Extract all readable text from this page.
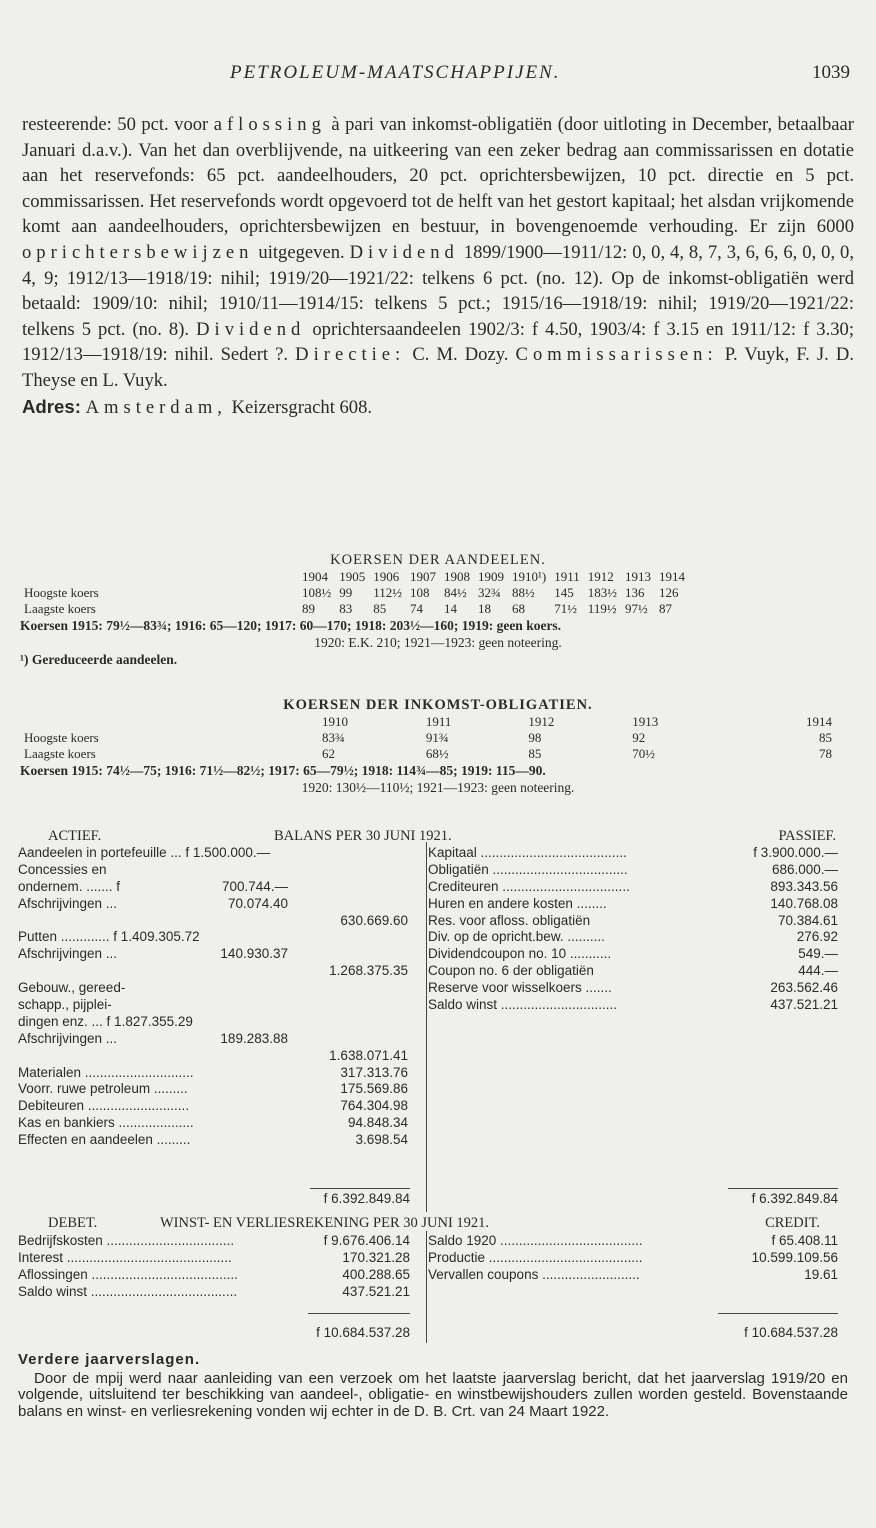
PETROLEUM-MAATSCHAPPIJEN.	1039

resteerende: 50 pct. voor aflossing à pari van inkomst-obligatiën (door uitloting in December, betaalbaar Januari d.a.v.). Van het dan overblijvende, na uitkeering van een zeker bedrag aan commissarissen en dotatie aan het reservefonds: 65 pct. aandeelhouders, 20 pct. oprichtersbewijzen, 10 pct. directie en 5 pct. commissarissen. Het reservefonds wordt opgevoerd tot de helft van het gestort kapitaal; het alsdan vrijkomende komt aan aandeelhouders, oprichtersbewijzen en bestuur, in bovengenoemde verhouding. Er zijn 6000 oprichtersbewijzen uitgegeven. Dividend 1899/1900—1911/12: 0, 0, 4, 8, 7, 3, 6, 6, 6, 0, 0, 0, 4, 9; 1912/13—1918/19: nihil; 1919/20—1921/22: telkens 6 pct. (no. 12). Op de inkomst-obligatiën werd betaald: 1909/10: nihil; 1910/11—1914/15: telkens 5 pct.; 1915/16—1918/19: nihil; 1919/20—1921/22: telkens 5 pct. (no. 8). Dividend oprichtersaandeelen 1902/3: f 4.50, 1903/4: f 3.15 en 1911/12: f 3.30; 1912/13—1918/19: nihil. Sedert ?. Directie: C. M. Dozy. Commissarissen: P. Vuyk, F. J. D. Theyse en L. Vuyk.

Adres: Amsterdam, Keizersgracht 608.

KOERSEN DER AANDEELEN.
	1904	1905	1906	1907	1908	1909	1910¹)	1911	1912	1913	1914
Hoogste koers	108½	99	112½	108	84½	32¾	88½	145	183½	136	126
Laagste koers	89	83	85	74	14	18	68	71½	119½	97½	87
Koersen 1915: 79½—83¾; 1916: 65—120; 1917: 60—170; 1918: 203½—160; 1919: geen koers.
1920: E.K. 210; 1921—1923: geen noteering.
¹) Gereduceerde aandeelen.
KOERSEN DER INKOMST-OBLIGATIEN.
	1910	1911	1912	1913	1914
Hoogste koers	83¾	91¾	98	92	85
Laagste koers	62	68½	85	70½	78
Koersen 1915: 74½—75; 1916: 71½—82½; 1917: 65—79½; 1918: 114¾—85; 1919: 115—90.
1920: 130½—110½; 1921—1923: geen noteering.
ACTIEF.	BALANS PER 30 JUNI 1921.	PASSIEF.
Aandeelen in portefeuille ... f 1.500.000.—
Concessies en
ondernem. ....... f	700.744.—
Afschrijvingen ...	70.074.40
630.669.60
Putten ............. f 1.409.305.72
Afschrijvingen ...	140.930.37
1.268.375.35
Gebouw., gereed-
schapp., pijplei-
dingen enz. ... f 1.827.355.29
Afschrijvingen ...	189.283.88
1.638.071.41
Materialen .............................	317.313.76
Voorr. ruwe petroleum .........	175.569.86
Debiteuren ...........................	764.304.98
Kas en bankiers ....................	94.848.34
Effecten en aandeelen .........	3.698.54
Kapitaal .......................................	f 3.900.000.—
Obligatiën ....................................	686.000.—
Crediteuren ..................................	893.343.56
Huren en andere kosten ........	140.768.08
Res. voor afloss. obligatiën	70.384.61
Div. op de opricht.bew. ..........	276.92
Dividendcoupon no. 10 ...........	549.—
Coupon no. 6 der obligatiën	444.—
Reserve voor wisselkoers .......	263.562.46
Saldo winst ...............................	437.521.21
f 6.392.849.84	f 6.392.849.84
DEBET.	WINST- EN VERLIESREKENING PER 30 JUNI 1921.	CREDIT.
Bedrijfskosten ..................................	f 9.676.406.14
Interest ............................................	170.321.28
Aflossingen .......................................	400.288.65
Saldo winst .......................................	437.521.21
Saldo 1920 ......................................	f 65.408.11
Productie .........................................	10.599.109.56
Vervallen coupons ..........................	19.61
f 10.684.537.28	f 10.684.537.28
Verdere jaarverslagen.
Door de mpij werd naar aanleiding van een verzoek om het laatste jaarverslag bericht, dat het jaarverslag 1919/20 en volgende, uitsluitend ter beschikking van aandeel-, obligatie- en winstbewijshouders zullen worden gesteld. Bovenstaande balans en winst- en verliesrekening vonden wij echter in de D. B. Crt. van 24 Maart 1922.
